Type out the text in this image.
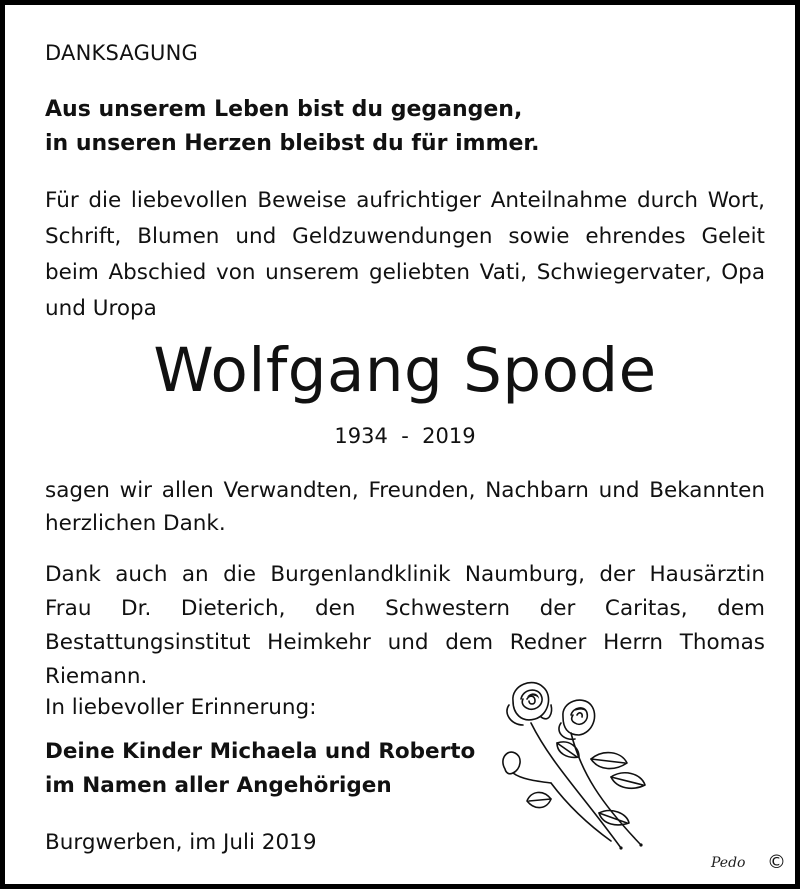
DANKSAGUNG
Aus unserem Leben bist du gegangen,
in unseren Herzen bleibst du für immer.
Für die liebevollen Beweise aufrichtiger Anteilnahme durch Wort, Schrift, Blumen und Geldzuwendungen sowie ehrendes Geleit beim Abschied von unserem geliebten Vati, Schwiegervater, Opa und Uropa
Wolfgang Spode
1934  -  2019
sagen wir allen Verwandten, Freunden, Nachbarn und Bekannten herzlichen Dank.
Dank auch an die Burgenlandklinik Naumburg, der Hausärztin Frau Dr. Dieterich, den Schwestern der Caritas, dem Bestattungsinstitut Heimkehr und dem Redner Herrn Thomas Riemann.
In liebevoller Erinnerung:
Deine Kinder Michaela und Roberto
im Namen aller Angehörigen
Burgwerben, im Juli 2019
Pedo ©
